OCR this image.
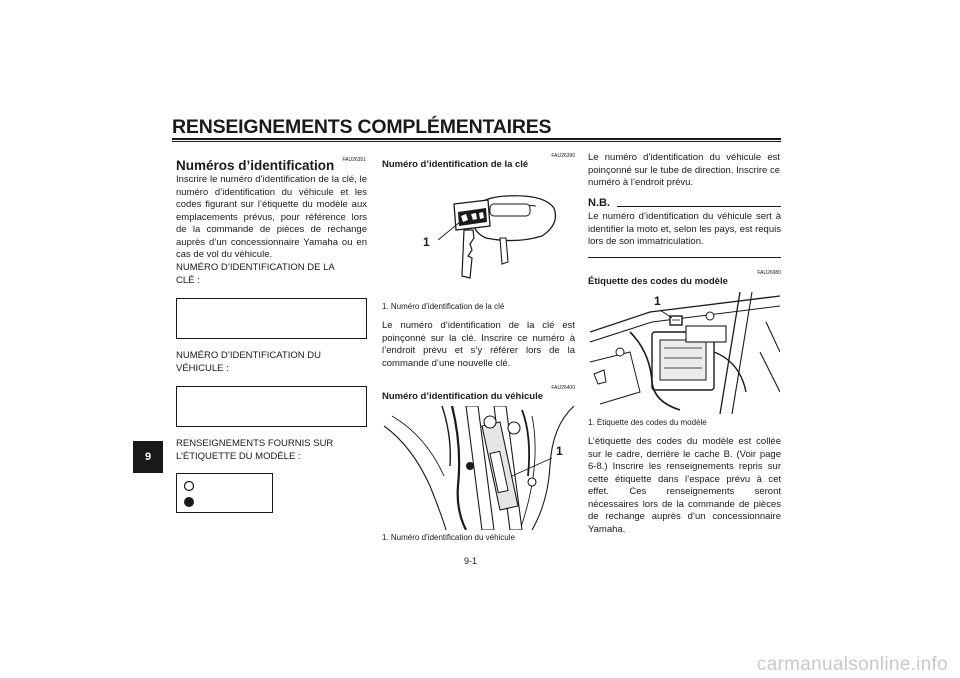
RENSEIGNEMENTS COMPLÉMENTAIRES
9
FAU26351
Numéros d’identification
Inscrire le numéro d’identification de la clé, le numéro d’identification du véhicule et les codes figurant sur l’étiquette du modèle aux emplacements prévus, pour référence lors de la commande de pièces de rechange auprès d’un concessionnaire Yamaha ou en cas de vol du véhicule.
NUMÉRO D’IDENTIFICATION DE LA
CLÉ :
NUMÉRO D’IDENTIFICATION DU
VÉHICULE :
RENSEIGNEMENTS FOURNIS SUR
L’ÉTIQUETTE DU MODÈLE :
FAU26390
Numéro d’identification de la clé
1
1. Numéro d’identification de la clé
Le numéro d’identification de la clé est poinçonné sur la clé. Inscrire ce numéro à l’endroit prévu et s’y référer lors de la commande d’une nouvelle clé.
FAU26400
Numéro d’identification du véhicule
1
1. Numéro d’identification du véhicule
Le numéro d’identification du véhicule est poinçonné sur le tube de direction. Inscrire ce numéro à l’endroit prévu.
N.B.
Le numéro d’identification du véhicule sert à identifier la moto et, selon les pays, est requis lors de son immatriculation.
FAU26980
Étiquette des codes du modèle
1
1. Étiquette des codes du modèle
L’étiquette des codes du modèle est collée sur le cadre, derrière le cache B. (Voir page 6-8.) Inscrire les renseignements repris sur cette étiquette dans l’espace prévu à cet effet. Ces renseignements seront nécessaires lors de la commande de pièces de rechange auprès d’un concessionnaire Yamaha.
9-1
carmanualsonline.info
